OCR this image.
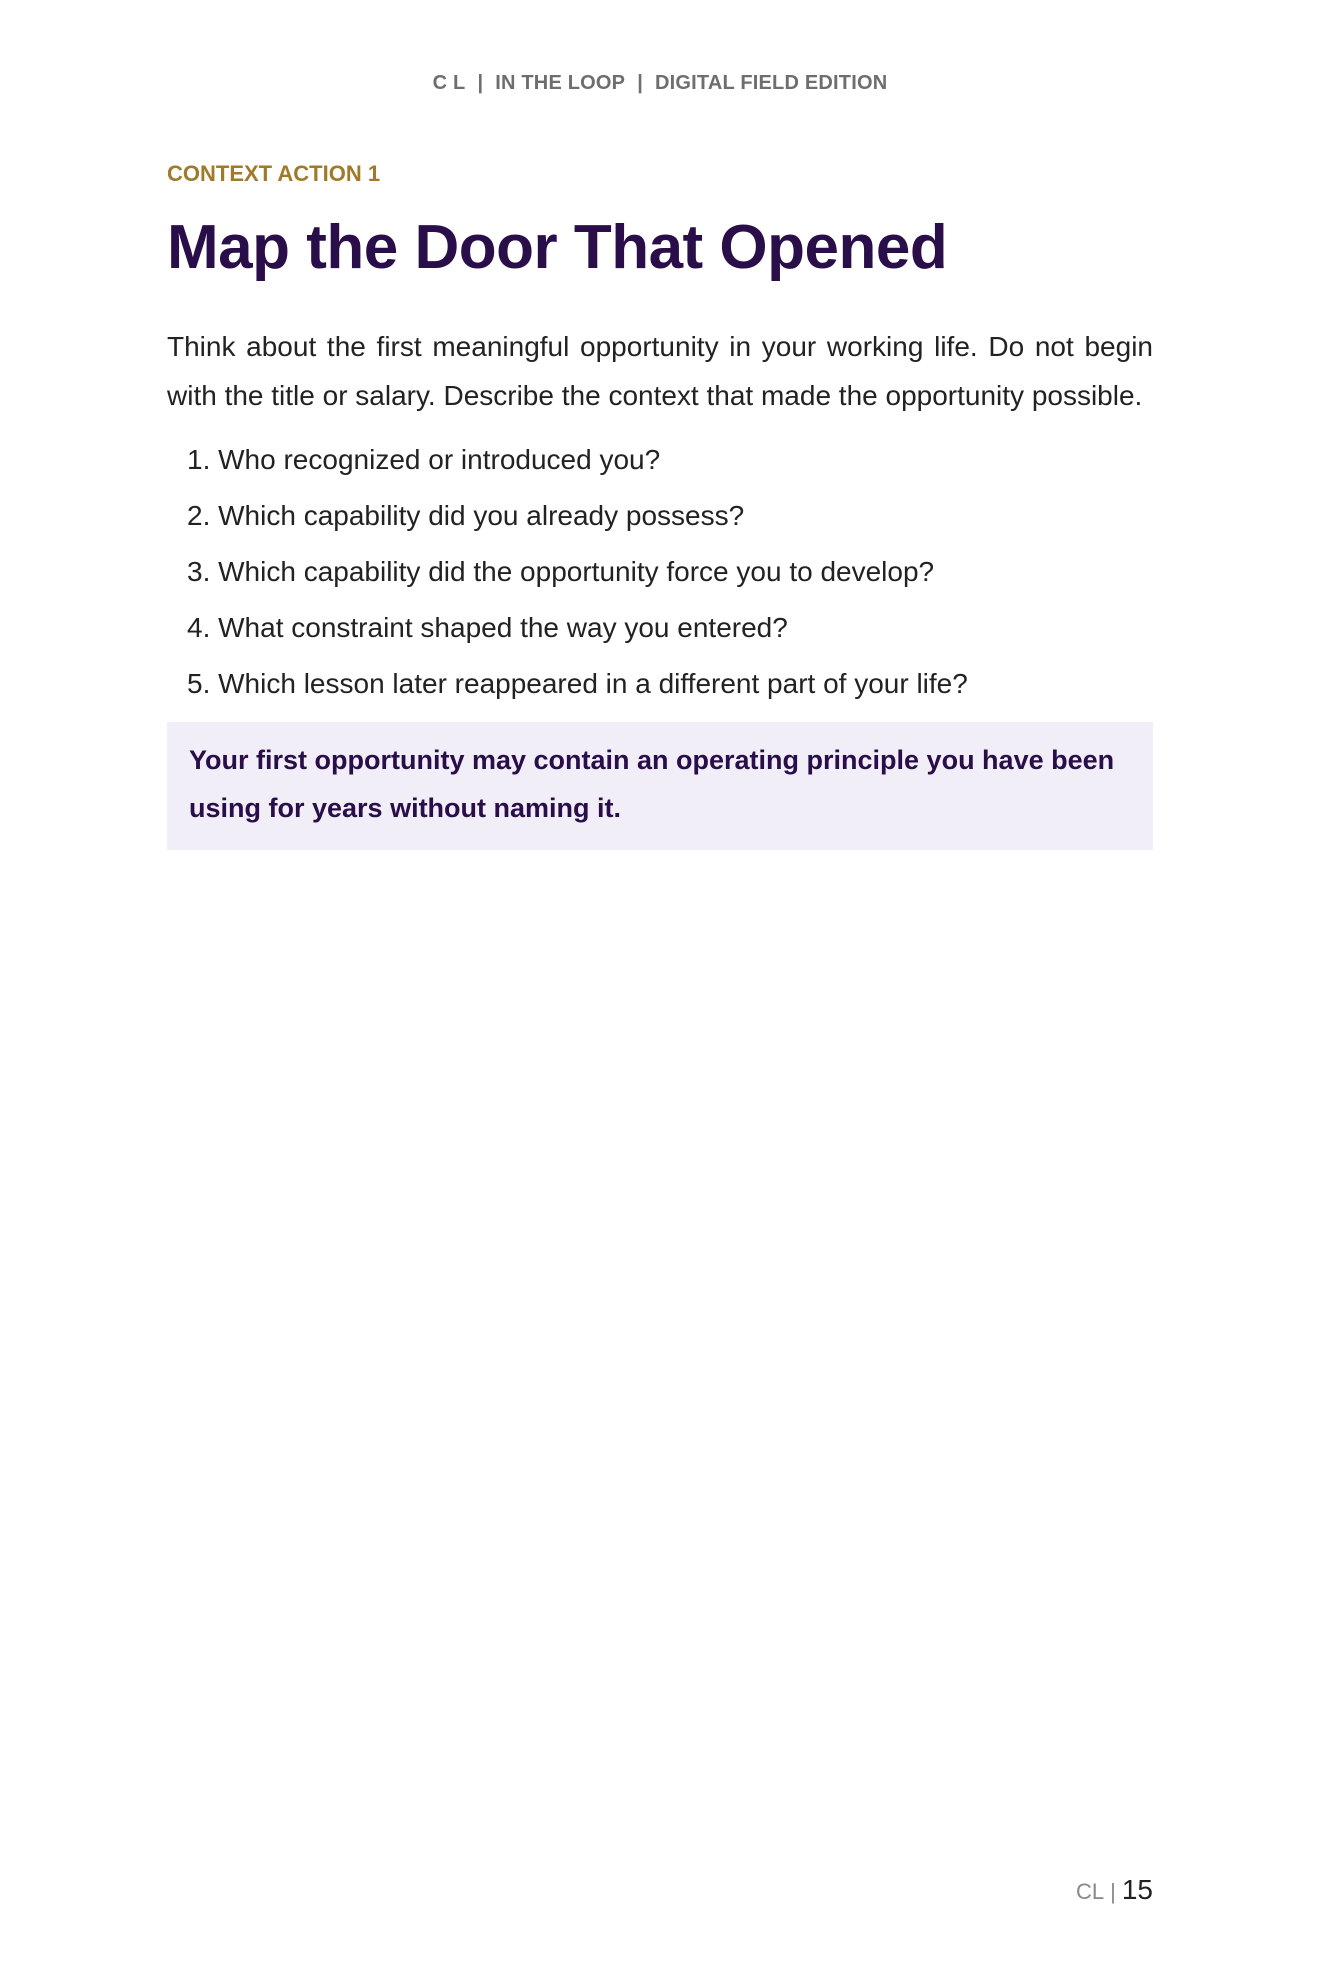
C L | IN THE LOOP | DIGITAL FIELD EDITION

CONTEXT ACTION 1

Map the Door That Opened

Think about the first meaningful opportunity in your working life. Do not begin with the title or salary. Describe the context that made the opportunity possible.

1. Who recognized or introduced you?
2. Which capability did you already possess?
3. Which capability did the opportunity force you to develop?
4. What constraint shaped the way you entered?
5. Which lesson later reappeared in a different part of your life?
Your first opportunity may contain an operating principle you have been using for years without naming it.
CL | 15
